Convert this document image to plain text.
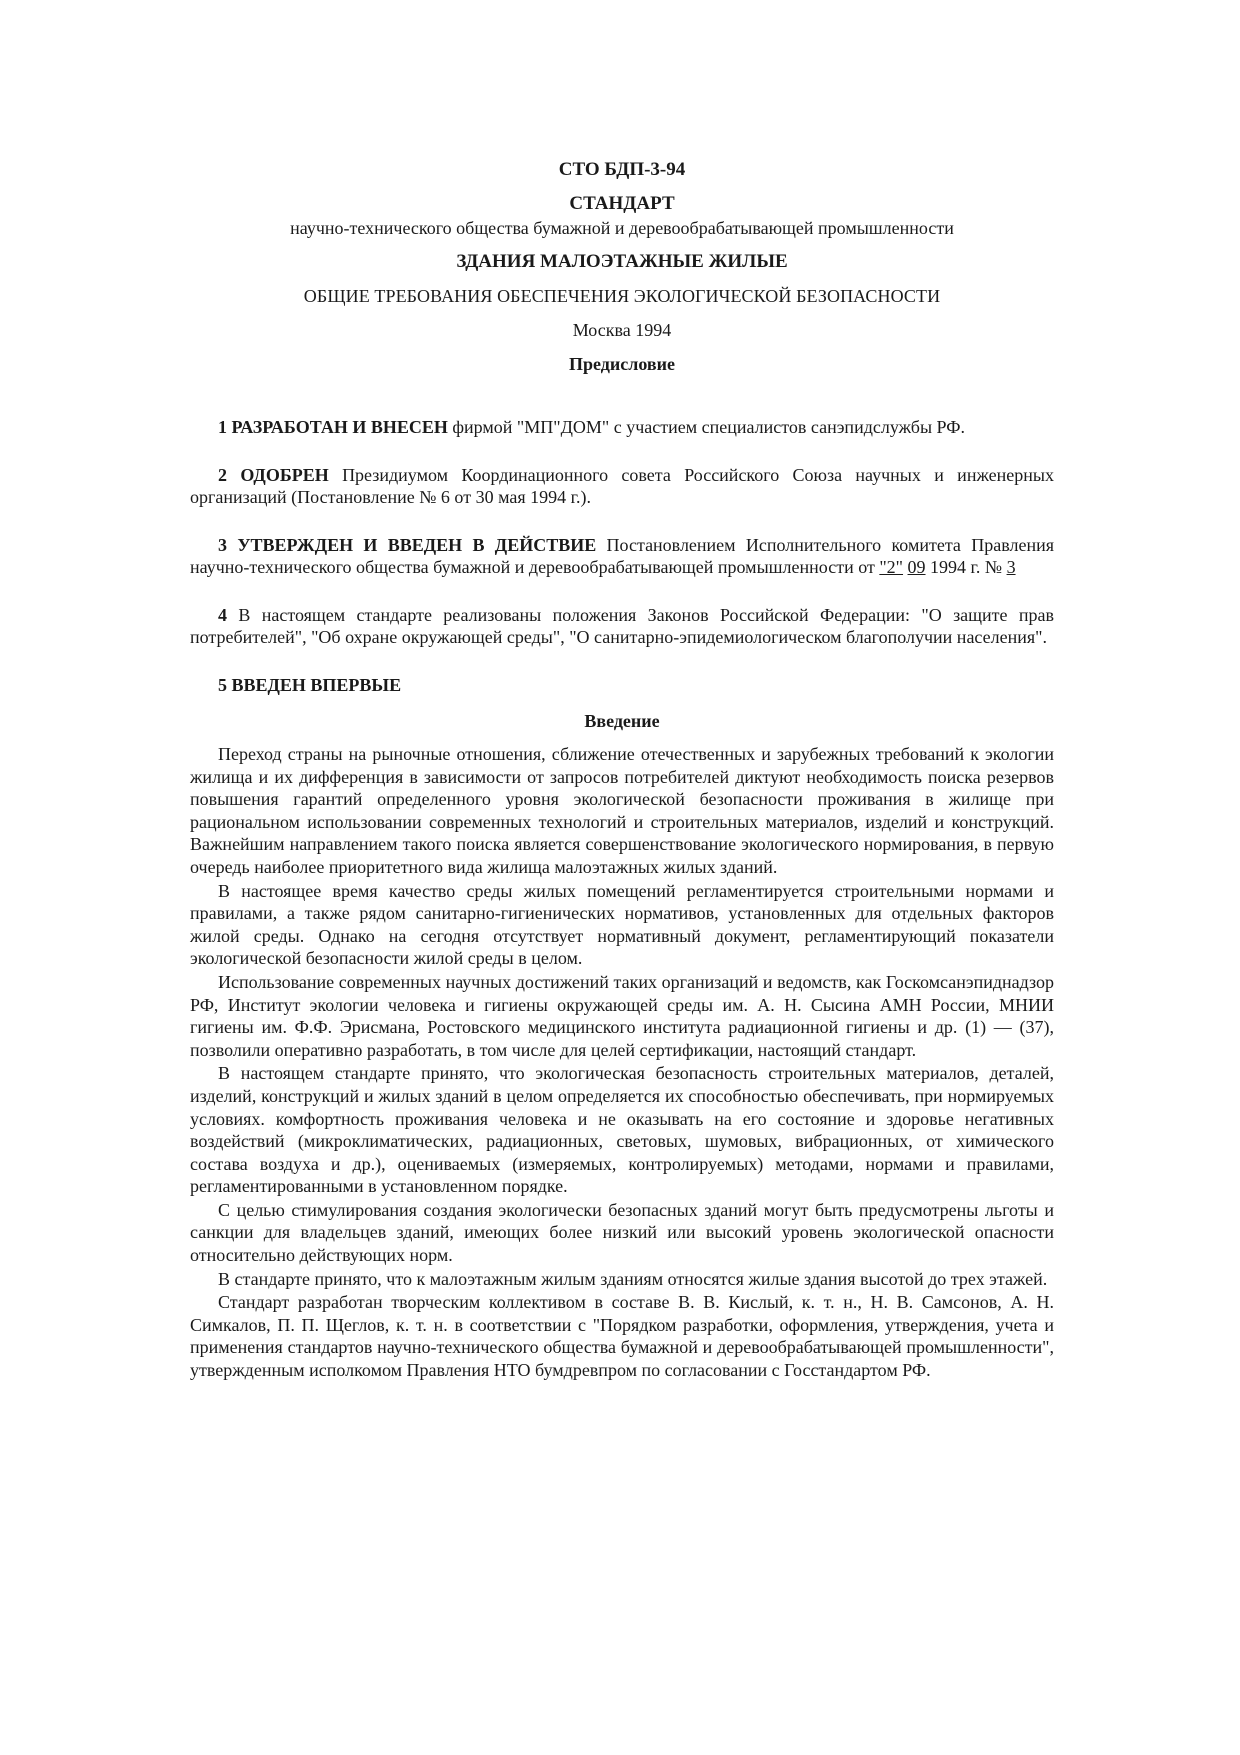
СТО БДП-3-94

СТАНДАРТ

научно-технического общества бумажной и деревообрабатывающей промышленности

ЗДАНИЯ МАЛОЭТАЖНЫЕ ЖИЛЫЕ

ОБЩИЕ ТРЕБОВАНИЯ ОБЕСПЕЧЕНИЯ ЭКОЛОГИЧЕСКОЙ БЕЗОПАСНОСТИ

Москва 1994

Предисловие

1 РАЗРАБОТАН И ВНЕСЕН фирмой "МП"ДОМ" с участием специалистов санэпидслужбы РФ.

2 ОДОБРЕН Президиумом Координационного совета Российского Союза научных и инженерных организаций (Постановление № 6 от 30 мая 1994 г.).

3 УТВЕРЖДЕН И ВВЕДЕН В ДЕЙСТВИЕ Постановлением Исполнительного комитета Правления научно-технического общества бумажной и деревообрабатывающей промышленности от "2" 09 1994 г. № 3

4 В настоящем стандарте реализованы положения Законов Российской Федерации: "О защите прав потребителей", "Об охране окружающей среды", "О санитарно-эпидемиологическом благополучии населения".

5 ВВЕДЕН ВПЕРВЫЕ

Введение

Переход страны на рыночные отношения, сближение отечественных и зарубежных требований к экологии жилища и их дифференция в зависимости от запросов потребителей диктуют необходимость поиска резервов повышения гарантий определенного уровня экологической безопасности проживания в жилище при рациональном использовании современных технологий и строительных материалов, изделий и конструкций. Важнейшим направлением такого поиска является совершенствование экологического нормирования, в первую очередь наиболее приоритетного вида жилища малоэтажных жилых зданий.

В настоящее время качество среды жилых помещений регламентируется строительными нормами и правилами, а также рядом санитарно-гигиенических нормативов, установленных для отдельных факторов жилой среды. Однако на сегодня отсутствует нормативный документ, регламентирующий показатели экологической безопасности жилой среды в целом.

Использование современных научных достижений таких организаций и ведомств, как Госкомсанэпиднадзор РФ, Институт экологии человека и гигиены окружающей среды им. А. Н. Сысина АМН России, МНИИ гигиены им. Ф.Ф. Эрисмана, Ростовского медицинского института радиационной гигиены и др. (1) — (37), позволили оперативно разработать, в том числе для целей сертификации, настоящий стандарт.

В настоящем стандарте принято, что экологическая безопасность строительных материалов, деталей, изделий, конструкций и жилых зданий в целом определяется их способностью обеспечивать, при нормируемых условиях. комфортность проживания человека и не оказывать на его состояние и здоровье негативных воздействий (микроклиматических, радиационных, световых, шумовых, вибрационных, от химического состава воздуха и др.), оцениваемых (измеряемых, контролируемых) методами, нормами и правилами, регламентированными в установленном порядке.

С целью стимулирования создания экологически безопасных зданий могут быть предусмотрены льготы и санкции для владельцев зданий, имеющих более низкий или высокий уровень экологической опасности относительно действующих норм.

В стандарте принято, что к малоэтажным жилым зданиям относятся жилые здания высотой до трех этажей.

Стандарт разработан творческим коллективом в составе В. В. Кислый, к. т. н., Н. В. Самсонов, А. Н. Симкалов, П. П. Щеглов, к. т. н. в соответствии с "Порядком разработки, оформления, утверждения, учета и применения стандартов научно-технического общества бумажной и деревообрабатывающей промышленности", утвержденным исполкомом Правления НТО бумдревпром по согласовании с Госстандартом РФ.
